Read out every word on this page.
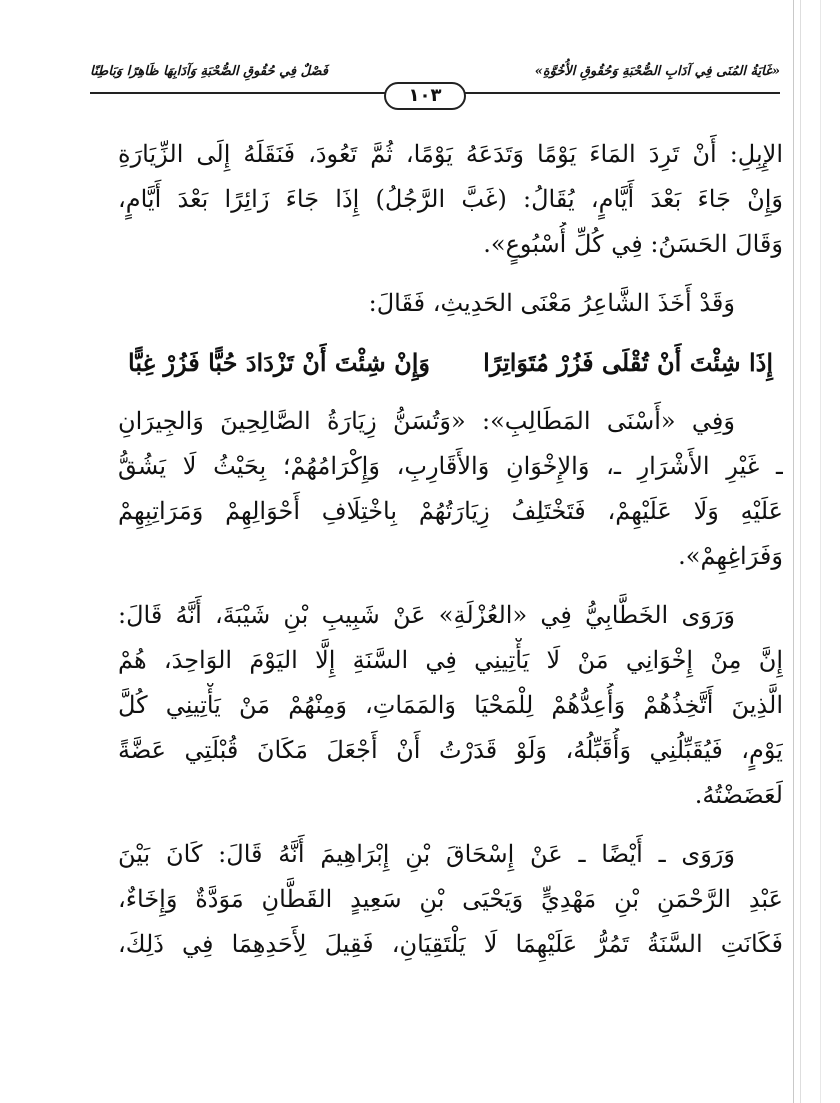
«غَايَةُ المُنَى فِي آدَابِ الصُّحْبَةِ وَحُقُوقِ الأُخُوَّةِ»
فَصْلٌ فِي حُقُوقِ الصُّحْبَةِ وَآدَابِهَا ظَاهِرًا وَبَاطِنًا
١٠٣
الإِبِلِ: أَنْ تَرِدَ المَاءَ يَوْمًا وَتَدَعَهُ يَوْمًا، ثُمَّ تَعُودَ، فَنَقَلَهُ إِلَى الزِّيَارَةِ
وَإِنْ جَاءَ بَعْدَ أَيَّامٍ، يُقَالُ: (غَبَّ الرَّجُلُ) إِذَا جَاءَ زَائِرًا بَعْدَ أَيَّامٍ،
وَقَالَ الحَسَنُ: فِي كُلِّ أُسْبُوعٍ».
وَقَدْ أَخَذَ الشَّاعِرُ مَعْنَى الحَدِيثِ، فَقَالَ:
إِذَا شِئْتَ أَنْ تُقْلَى فَزُرْ مُتَوَاتِرًا
وَإِنْ شِئْتَ أَنْ تَزْدَادَ حُبًّا فَزُرْ غِبًّا
وَفِي «أَسْنَى المَطَالِبِ»: «وَتُسَنُّ زِيَارَةُ الصَّالِحِينَ وَالجِيرَانِ
ـ غَيْرِ الأَشْرَارِ ـ، وَالإِخْوَانِ وَالأَقَارِبِ، وَإِكْرَامُهُمْ؛ بِحَيْثُ لَا يَشُقُّ
عَلَيْهِ وَلَا عَلَيْهِمْ، فَتَخْتَلِفُ زِيَارَتُهُمْ بِاخْتِلَافِ أَحْوَالِهِمْ وَمَرَاتِبِهِمْ
وَفَرَاغِهِمْ».
وَرَوَى الخَطَّابِيُّ فِي «العُزْلَةِ» عَنْ شَبِيبِ بْنِ شَيْبَةَ، أَنَّهُ قَالَ:
إِنَّ مِنْ إِخْوَانِي مَنْ لَا يَأْتِينِي فِي السَّنَةِ إِلَّا اليَوْمَ الوَاحِدَ، هُمْ
الَّذِينَ أَتَّخِذُهُمْ وَأُعِدُّهُمْ لِلْمَحْيَا وَالمَمَاتِ، وَمِنْهُمْ مَنْ يَأْتِينِي كُلَّ
يَوْمٍ، فَيُقَبِّلُنِي وَأُقَبِّلُهُ، وَلَوْ قَدَرْتُ أَنْ أَجْعَلَ مَكَانَ قُبْلَتِي عَضَّةً
لَعَضَضْتُهُ.
وَرَوَى ـ أَيْضًا ـ عَنْ إِسْحَاقَ بْنِ إِبْرَاهِيمَ أَنَّهُ قَالَ: كَانَ بَيْنَ
عَبْدِ الرَّحْمَنِ بْنِ مَهْدِيٍّ وَيَحْيَى بْنِ سَعِيدٍ القَطَّانِ مَوَدَّةٌ وَإِخَاءٌ،
فَكَانَتِ السَّنَةُ تَمُرُّ عَلَيْهِمَا لَا يَلْتَقِيَانِ، فَقِيلَ لِأَحَدِهِمَا فِي ذَلِكَ،
